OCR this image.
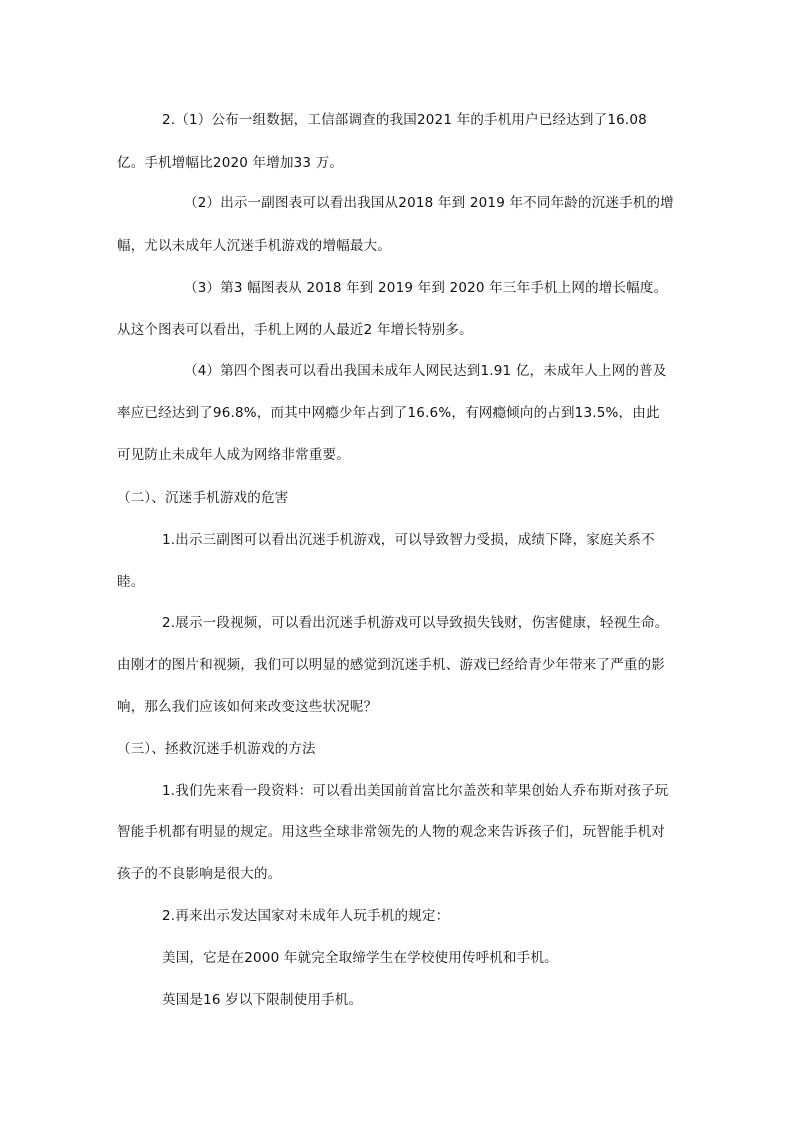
2.（1）公布一组数据，工信部调查的我国2021 年的手机用户已经达到了16.08
亿。手机增幅比2020 年增加33 万。
（2）出示一副图表可以看出我国从2018 年到 2019 年不同年龄的沉迷手机的增
幅，尤以未成年人沉迷手机游戏的增幅最大。
（3）第3 幅图表从 2018 年到 2019 年到 2020 年三年手机上网的增长幅度。
从这个图表可以看出，手机上网的人最近2 年增长特别多。
（4）第四个图表可以看出我国未成年人网民达到1.91 亿，未成年人上网的普及
率应已经达到了96.8%，而其中网瘾少年占到了16.6%，有网瘾倾向的占到13.5%，由此
可见防止未成年人成为网络非常重要。
（二）、沉迷手机游戏的危害
1.出示三副图可以看出沉迷手机游戏，可以导致智力受损，成绩下降，家庭关系不
睦。
2.展示一段视频，可以看出沉迷手机游戏可以导致损失钱财，伤害健康，轻视生命。
由刚才的图片和视频，我们可以明显的感觉到沉迷手机、游戏已经给青少年带来了严重的影
响，那么我们应该如何来改变这些状况呢？
（三）、拯救沉迷手机游戏的方法
1.我们先来看一段资料：可以看出美国前首富比尔盖茨和苹果创始人乔布斯对孩子玩
智能手机都有明显的规定。用这些全球非常领先的人物的观念来告诉孩子们，玩智能手机对
孩子的不良影响是很大的。
2.再来出示发达国家对未成年人玩手机的规定：
美国，它是在2000 年就完全取缔学生在学校使用传呼机和手机。
英国是16 岁以下限制使用手机。
